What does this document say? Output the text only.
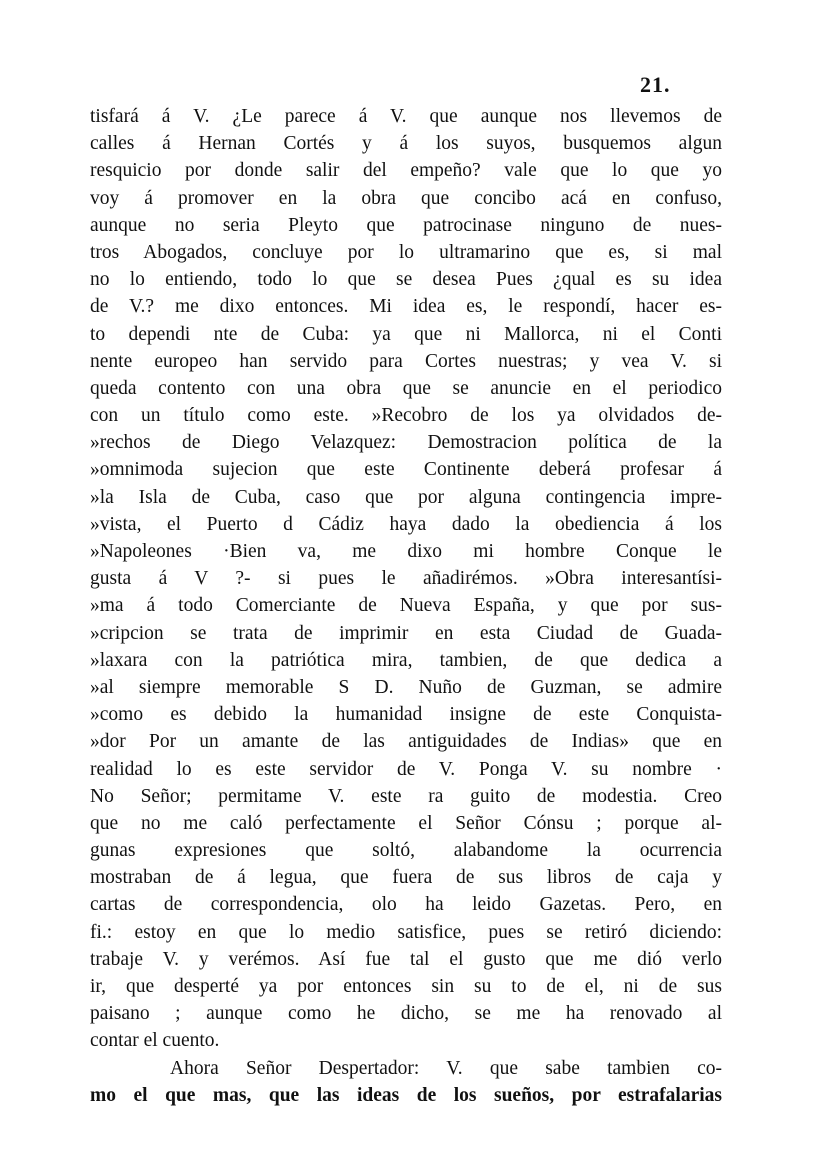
21.
tisfará á V. ¿Le parece á V. que aunque nos llevemos de
calles á Hernan Cortés y á los suyos, busquemos algun
resquicio por donde salir del empeño? vale que lo que yo
voy á promover en la obra que concibo acá en confuso,
aunque no seria Pleyto que patrocinase ninguno de nues-
tros Abogados, concluye por lo ultramarino que es, si mal
no lo entiendo, todo lo que se desea Pues ¿qual es su idea
de V.? me dixo entonces. Mi idea es, le respondí, hacer es-
to dependi nte de Cuba: ya que ni Mallorca, ni el Conti
nente europeo han servido para Cortes nuestras; y vea V. si
queda contento con una obra que se anuncie en el periodico
con un título como este. »Recobro de los ya olvidados de-
»rechos de Diego Velazquez: Demostracion política de la
»omnimoda sujecion que este Continente deberá profesar á
»la Isla de Cuba, caso que por alguna contingencia impre-
»vista, el Puerto d Cádiz haya dado la obediencia á los
»Napoleones ·Bien va, me dixo mi hombre Conque le
gusta á V ?- si pues le añadirémos. »Obra interesantísi-
»ma á todo Comerciante de Nueva España, y que por sus-
»cripcion se trata de imprimir en esta Ciudad de Guada-
»laxara con la patriótica mira, tambien, de que dedica a
»al siempre memorable S D. Nuño de Guzman, se admire
»como es debido la humanidad insigne de este Conquista-
»dor Por un amante de las antiguidades de Indias» que en
realidad lo es este servidor de V. Ponga V. su nombre ·
No Señor; permitame V. este ra guito de modestia. Creo
que no me caló perfectamente el Señor Cónsu ; porque al-
gunas expresiones que soltó, alabandome la ocurrencia
mostraban de á legua, que fuera de sus libros de caja y
cartas de correspondencia, olo ha leido Gazetas. Pero, en
fi.: estoy en que lo medio satisfice, pues se retiró diciendo:
trabaje V. y verémos. Así fue tal el gusto que me dió verlo
ir, que desperté ya por entonces sin su to de el, ni de sus
paisano ; aunque como he dicho, se me ha renovado al
contar el cuento.
Ahora Señor Despertador: V. que sabe tambien co-
mo el que mas, que las ideas de los sueños, por estrafalarias
